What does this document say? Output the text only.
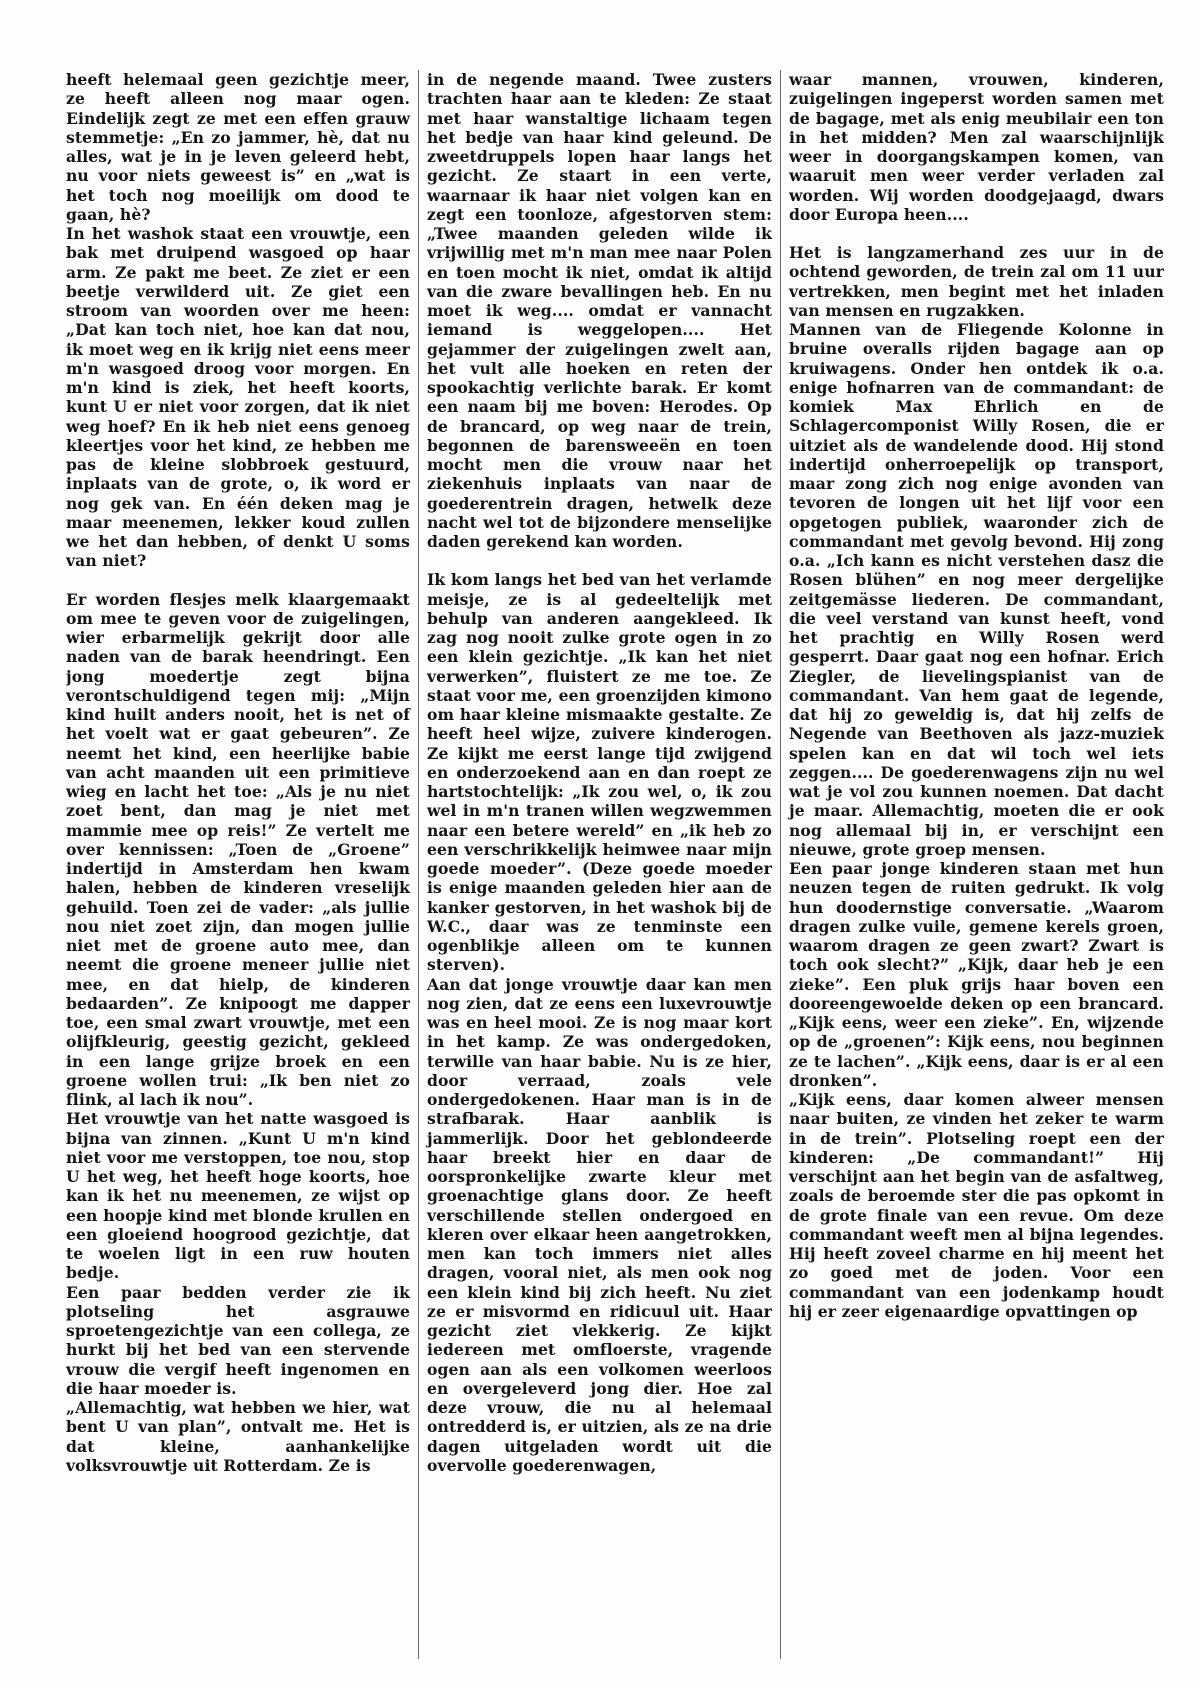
heeft helemaal geen gezichtje meer, ze heeft alleen nog maar ogen. Eindelijk zegt ze met een effen grauw stemmetje: „En zo jammer, hè, dat nu alles, wat je in je leven geleerd hebt, nu voor niets geweest is” en „wat is het toch nog moeilijk om dood te gaan, hè?

In het washok staat een vrouwtje, een bak met druipend wasgoed op haar arm. Ze pakt me beet. Ze ziet er een beetje verwilderd uit. Ze giet een stroom van woorden over me heen: „Dat kan toch niet, hoe kan dat nou, ik moet weg en ik krijg niet eens meer m'n wasgoed droog voor morgen. En m'n kind is ziek, het heeft koorts, kunt U er niet voor zorgen, dat ik niet weg hoef? En ik heb niet eens genoeg kleertjes voor het kind, ze hebben me pas de kleine slobbroek gestuurd, inplaats van de grote, o, ik word er nog gek van. En één deken mag je maar meenemen, lekker koud zullen we het dan hebben, of denkt U soms van niet?

Er worden flesjes melk klaargemaakt om mee te geven voor de zuigelingen, wier erbarmelijk gekrijt door alle naden van de barak heendringt. Een jong moedertje zegt bijna verontschuldigend tegen mij: „Mijn kind huilt anders nooit, het is net of het voelt wat er gaat gebeuren”. Ze neemt het kind, een heerlijke babie van acht maanden uit een primitieve wieg en lacht het toe: „Als je nu niet zoet bent, dan mag je niet met mammie mee op reis!” Ze vertelt me over kennissen: „Toen de „Groene” indertijd in Amsterdam hen kwam halen, hebben de kinderen vreselijk gehuild. Toen zei de vader: „als jullie nou niet zoet zijn, dan mogen jullie niet met de groene auto mee, dan neemt die groene meneer jullie niet mee, en dat hielp, de kinderen bedaarden”. Ze knipoogt me dapper toe, een smal zwart vrouwtje, met een olijfkleurig, geestig gezicht, gekleed in een lange grijze broek en een groene wollen trui: „Ik ben niet zo flink, al lach ik nou”.

Het vrouwtje van het natte wasgoed is bijna van zinnen. „Kunt U m'n kind niet voor me verstoppen, toe nou, stop U het weg, het heeft hoge koorts, hoe kan ik het nu meenemen, ze wijst op een hoopje kind met blonde krullen en een gloeiend hoogrood gezichtje, dat te woelen ligt in een ruw houten bedje.

Een paar bedden verder zie ik plotseling het asgrauwe sproetengezichtje van een collega, ze hurkt bij het bed van een stervende vrouw die vergif heeft ingenomen en die haar moeder is.

„Allemachtig, wat hebben we hier, wat bent U van plan”, ontvalt me. Het is dat kleine, aanhankelijke volksvrouwtje uit Rotterdam. Ze is

in de negende maand. Twee zusters trachten haar aan te kleden: Ze staat met haar wanstaltige lichaam tegen het bedje van haar kind geleund. De zweetdruppels lopen haar langs het gezicht. Ze staart in een verte, waarnaar ik haar niet volgen kan en zegt een toonloze, afgestorven stem: „Twee maanden geleden wilde ik vrijwillig met m'n man mee naar Polen en toen mocht ik niet, omdat ik altijd van die zware bevallingen heb. En nu moet ik weg.... omdat er vannacht iemand is weggelopen.... Het gejammer der zuigelingen zwelt aan, het vult alle hoeken en reten der spookachtig verlichte barak. Er komt een naam bij me boven: Herodes. Op de brancard, op weg naar de trein, begonnen de barensweeën en toen mocht men die vrouw naar het ziekenhuis inplaats van naar de goederentrein dragen, hetwelk deze nacht wel tot de bijzondere menselijke daden gerekend kan worden.

Ik kom langs het bed van het verlamde meisje, ze is al gedeeltelijk met behulp van anderen aangekleed. Ik zag nog nooit zulke grote ogen in zo een klein gezichtje. „Ik kan het niet verwerken”, fluistert ze me toe. Ze staat voor me, een groenzijden kimono om haar kleine mismaakte gestalte. Ze heeft heel wijze, zuivere kinderogen. Ze kijkt me eerst lange tijd zwijgend en onderzoekend aan en dan roept ze hartstochtelijk: „Ik zou wel, o, ik zou wel in m'n tranen willen wegzwemmen naar een betere wereld” en „ik heb zo een verschrikkelijk heimwee naar mijn goede moeder”. (Deze goede moeder is enige maanden geleden hier aan de kanker gestorven, in het washok bij de W.C., daar was ze tenminste een ogenblikje alleen om te kunnen sterven).

Aan dat jonge vrouwtje daar kan men nog zien, dat ze eens een luxevrouwtje was en heel mooi. Ze is nog maar kort in het kamp. Ze was ondergedoken, terwille van haar babie. Nu is ze hier, door verraad, zoals vele ondergedokenen. Haar man is in de strafbarak. Haar aanblik is jammerlijk. Door het geblondeerde haar breekt hier en daar de oorspronkelijke zwarte kleur met groenachtige glans door. Ze heeft verschillende stellen ondergoed en kleren over elkaar heen aangetrokken, men kan toch immers niet alles dragen, vooral niet, als men ook nog een klein kind bij zich heeft. Nu ziet ze er misvormd en ridicuul uit. Haar gezicht ziet vlekkerig. Ze kijkt iedereen met omfloerste, vragende ogen aan als een volkomen weerloos en overgeleverd jong dier. Hoe zal deze vrouw, die nu al helemaal ontredderd is, er uitzien, als ze na drie dagen uitgeladen wordt uit die overvolle goederenwagen,

waar mannen, vrouwen, kinderen, zuigelingen ingeperst worden samen met de bagage, met als enig meubilair een ton in het midden? Men zal waarschijnlijk weer in doorgangskampen komen, van waaruit men weer verder verladen zal worden. Wij worden doodgejaagd, dwars door Europa heen....

Het is langzamerhand zes uur in de ochtend geworden, de trein zal om 11 uur vertrekken, men begint met het inladen van mensen en rugzakken.

Mannen van de Fliegende Kolonne in bruine overalls rijden bagage aan op kruiwagens. Onder hen ontdek ik o.a. enige hofnarren van de commandant: de komiek Max Ehrlich en de Schlagercomponist Willy Rosen, die er uitziet als de wandelende dood. Hij stond indertijd onherroepelijk op transport, maar zong zich nog enige avonden van tevoren de longen uit het lijf voor een opgetogen publiek, waaronder zich de commandant met gevolg bevond. Hij zong o.a. „Ich kann es nicht verstehen dasz die Rosen blühen” en nog meer dergelijke zeitgemässe liederen. De commandant, die veel verstand van kunst heeft, vond het prachtig en Willy Rosen werd gesperrt. Daar gaat nog een hofnar. Erich Ziegler, de lievelingspianist van de commandant. Van hem gaat de legende, dat hij zo geweldig is, dat hij zelfs de Negende van Beethoven als jazz-muziek spelen kan en dat wil toch wel iets zeggen.... De goederenwagens zijn nu wel wat je vol zou kunnen noemen. Dat dacht je maar. Allemachtig, moeten die er ook nog allemaal bij in, er verschijnt een nieuwe, grote groep mensen.

Een paar jonge kinderen staan met hun neuzen tegen de ruiten gedrukt. Ik volg hun doodernstige conversatie. „Waarom dragen zulke vuile, gemene kerels groen, waarom dragen ze geen zwart? Zwart is toch ook slecht?” „Kijk, daar heb je een zieke”. Een pluk grijs haar boven een dooreengewoelde deken op een brancard. „Kijk eens, weer een zieke”. En, wijzende op de „groenen”: Kijk eens, nou beginnen ze te lachen”. „Kijk eens, daar is er al een dronken”.

„Kijk eens, daar komen alweer mensen naar buiten, ze vinden het zeker te warm in de trein”. Plotseling roept een der kinderen: „De commandant!” Hij verschijnt aan het begin van de asfaltweg, zoals de beroemde ster die pas opkomt in de grote finale van een revue. Om deze commandant weeft men al bijna legendes. Hij heeft zoveel charme en hij meent het zo goed met de joden. Voor een commandant van een jodenkamp houdt hij er zeer eigenaardige opvattingen op
